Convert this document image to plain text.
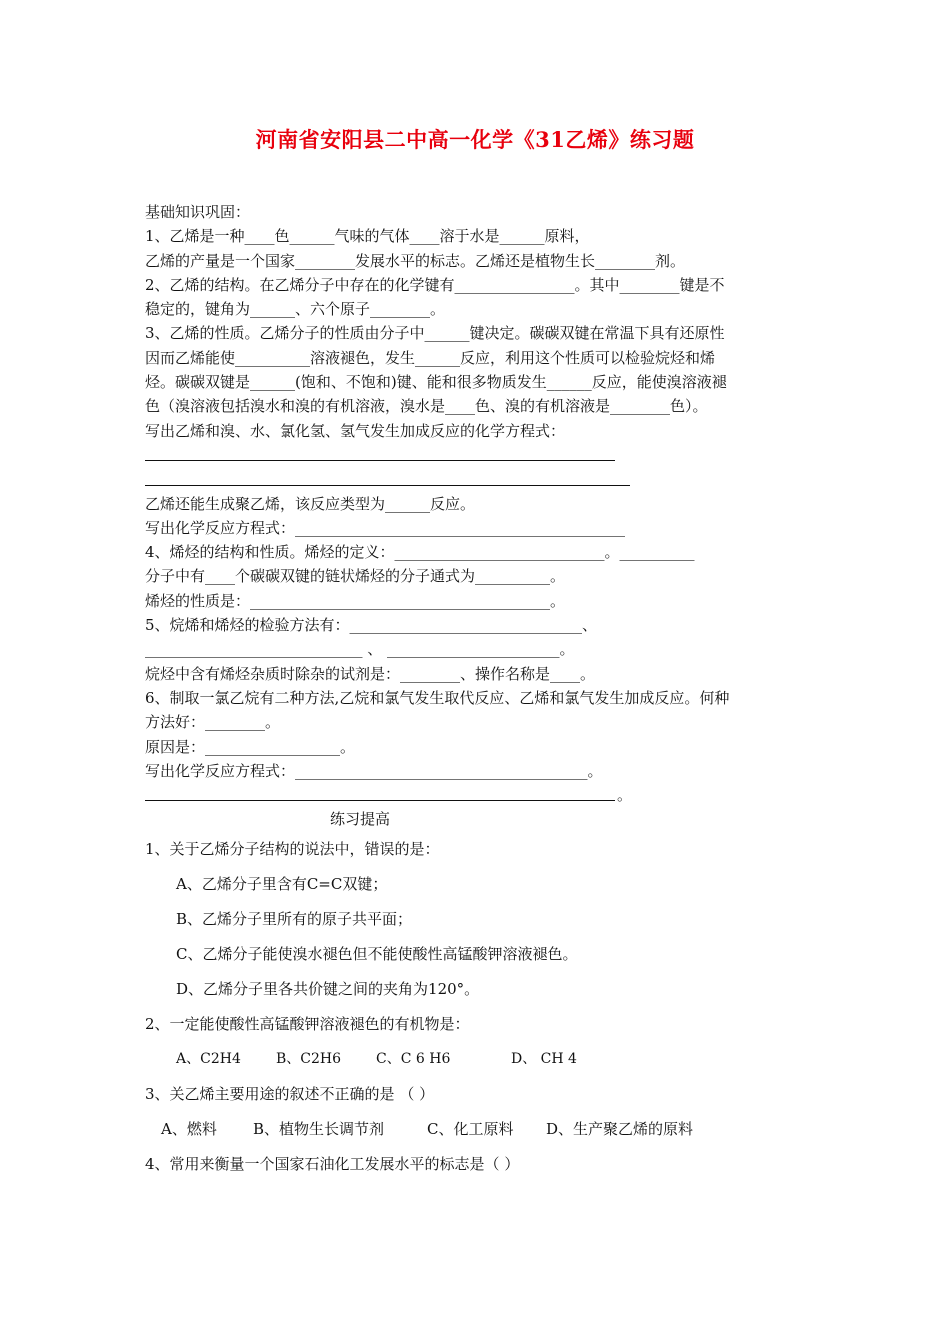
河南省安阳县二中高一化学《31乙烯》练习题
基础知识巩固：
1、乙烯是一种____色______气味的气体____溶于水是______原料，
乙烯的产量是一个国家________发展水平的标志。乙烯还是植物生长________剂。
2、乙烯的结构。在乙烯分子中存在的化学键有________________。其中________键是不
稳定的，键角为______、六个原子________。
3、乙烯的性质。乙烯分子的性质由分子中______键决定。碳碳双键在常温下具有还原性
因而乙烯能使__________溶液褪色，发生______反应，利用这个性质可以检验烷烃和烯
烃。碳碳双键是______(饱和、不饱和)键、能和很多物质发生______反应，能使溴溶液褪
色（溴溶液包括溴水和溴的有机溶液，溴水是____色、溴的有机溶液是________色）。
写出乙烯和溴、水、氯化氢、氢气发生加成反应的化学方程式：
乙烯还能生成聚乙烯，该反应类型为______反应。
写出化学反应方程式：____________________________________________
4、烯烃的结构和性质。烯烃的定义：____________________________。__________
分子中有____个碳碳双键的链状烯烃的分子通式为__________。
烯烃的性质是：________________________________________。
5、烷烯和烯烃的检验方法有：_______________________________、
_____________________________ 、 _______________________。
烷烃中含有烯烃杂质时除杂的试剂是：________、操作名称是____。
6、制取一氯乙烷有二种方法,乙烷和氯气发生取代反应、乙烯和氯气发生加成反应。何种
方法好：________。
原因是：__________________。
写出化学反应方程式：_______________________________________。
。
练习提高
1、关于乙烯分子结构的说法中，错误的是：
A、乙烯分子里含有C=C双键；
B、乙烯分子里所有的原子共平面；
C、乙烯分子能使溴水褪色但不能使酸性高锰酸钾溶液褪色。
D、乙烯分子里各共价键之间的夹角为120°。
2、一定能使酸性高锰酸钾溶液褪色的有机物是：
A、C2H4	B、C2H6	C、C 6 H6	D、 CH 4
3、关乙烯主要用途的叙述不正确的是 （ ）
A、燃料	B、植物生长调节剂	C、化工原料	D、生产聚乙烯的原料
4、常用来衡量一个国家石油化工发展水平的标志是（ ）
